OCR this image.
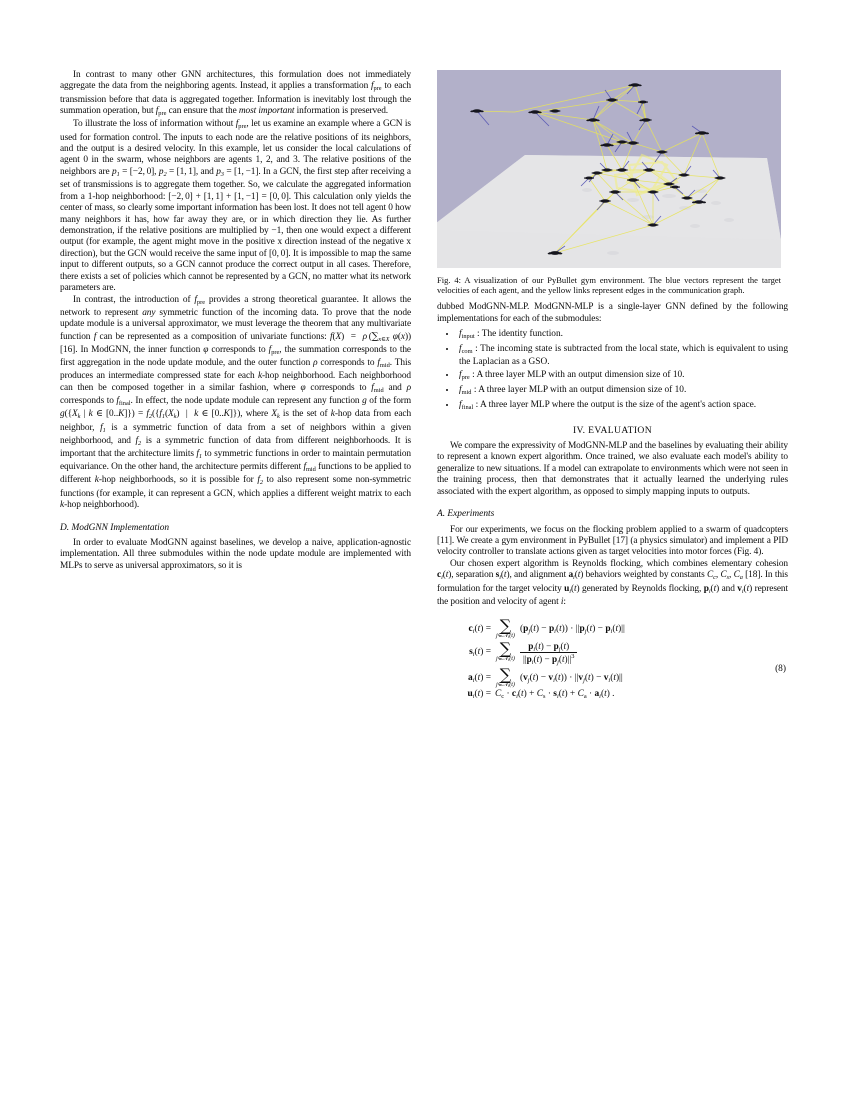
In contrast to many other GNN architectures, this formulation does not immediately aggregate the data from the neighboring agents. Instead, it applies a transformation $f_{pre}$ to each transmission before that data is aggregated together. Information is inevitably lost through the summation operation, but $f_{pre}$ can ensure that the most important information is preserved.

To illustrate the loss of information without $f_{pre}$, let us examine an example where a GCN is used for formation control. The inputs to each node are the relative positions of its neighbors, and the output is a desired velocity. In this example, let us consider the local calculations of agent 0 in the swarm, whose neighbors are agents 1, 2, and 3. The relative positions of the neighbors are $p_1 = [-2$, 0], $p_2 = [1$, 1], and $p_3 = [1$, −1]. In a GCN, the first step after receiving a set of transmissions is to aggregate them together. So, we calculate the aggregated information from a 1-hop neighborhood: [−2, 0] + [1, 1] + [1, −1] = [0, 0]. This calculation only yields the center of mass, so clearly some important information has been lost. It does not tell agent 0 how many neighbors it has, how far away they are, or in which direction they lie. As further demonstration, if the relative positions are multiplied by −1, then one would expect a different output (for example, the agent might move in the positive x direction instead of the negative x direction), but the GCN would receive the same input of [0, 0]. It is impossible to map the same input to different outputs, so a GCN cannot produce the correct output in all cases. Therefore, there exists a set of policies which cannot be represented by a GCN, no matter what its network parameters are.

In contrast, the introduction of $f_{pre}$ provides a strong theoretical guarantee. It allows the network to represent any symmetric function of the incoming data. To prove that the node update module is a universal approximator, we must leverage the theorem that any multivariate function f can be represented as a composition of univariate functions: f(X)  =  ρ ($\sum_{x\in X}$ φ(x)) [16]. In ModGNN, the inner function φ corresponds to $f_{pre}$, the summation corresponds to the first aggregation in the node update module, and the outer function ρ corresponds to $f_{mid}$. This produces an intermediate compressed state for each k-hop neighborhood. Each neighborhood can then be composed together in a similar fashion, where φ corresponds to $f_{mid}$ and ρ corresponds to $f_{final}$. In effect, the node update module can represent any function g of the form $g(\{X_k$ | k ∈ $[0..K]\}) = f_2(\{f_1(X_k)$  |  k ∈ [0..K]}), where $X_k$ is the set of k-hop data from each neighbor, $f_1$ is a symmetric function of data from a set of neighbors within a given neighborhood, and $f_2$ is a symmetric function of data from different neighborhoods. It is important that the architecture limits $f_1$ to symmetric functions in order to maintain permutation equivariance. On the other hand, the architecture permits different $f_{mid}$ functions to be applied to different k-hop neighborhoods, so it is possible for $f_2$ to also represent some non-symmetric functions (for example, it can represent a GCN, which applies a different weight matrix to each k-hop neighborhood).

D. ModGNN Implementation

In order to evaluate ModGNN against baselines, we develop a naive, application-agnostic implementation. All three submodules within the node update module are implemented with MLPs to serve as universal approximators, so it is

Fig. 4: A visualization of our PyBullet gym environment. The blue vectors represent the target velocities of each agent, and the yellow links represent edges in the communication graph.

dubbed ModGNN-MLP. ModGNN-MLP is a single-layer GNN defined by the following implementations for each of the submodules:

• $f_{input}$ : The identity function.
• $f_{com}$ : The incoming state is subtracted from the local state, which is equivalent to using the Laplacian as a GSO.
• $f_{pre}$ : A three layer MLP with an output dimension size of 10.
• $f_{mid}$ : A three layer MLP with an output dimension size of 10.
• $f_{final}$ : A three layer MLP where the output is the size of the agent's action space.
IV. EVALUATION

We compare the expressivity of ModGNN-MLP and the baselines by evaluating their ability to represent a known expert algorithm. Once trained, we also evaluate each model's ability to generalize to new situations. If a model can extrapolate to environments which were not seen in the training process, then that demonstrates that it actually learned the underlying rules associated with the expert algorithm, as opposed to simply mapping inputs to outputs.

A. Experiments

For our experiments, we focus on the flocking problem applied to a swarm of quadcopters [11]. We create a gym environment in PyBullet [17] (a physics simulator) and implement a PID velocity controller to translate actions given as target velocities into motor forces (Fig. 4).

Our chosen expert algorithm is Reynolds flocking, which combines elementary cohesion $c_i(t)$, separation $s_i(t)$, and alignment $a_i(t)$ behaviors weighted by constants $C_c$, $C_s$, $C_a$ [18]. In this formulation for the target velocity $u_i(t)$ generated by Reynolds flocking, $p_i(t)$ and $v_i(t)$ represent the position and velocity of agent i:

(8)
$c_i(t)$ = ∑
j∈𝒩$_i$(t)
$(p_j(t) - p_i(t)) \cdot ||p_j(t) - p_i(t)||$
$s_i(t)$ = ∑
j∈𝒩$_i$(t) $\frac{p_i(t) - p_j(t)}{||p_i(t) - p_j(t)||^3}$
$a_i(t)$ = ∑
j∈𝒩$_i$(t)
$(v_j(t) - v_i(t)) \cdot ||v_j(t) - v_i(t)||$
$u_i(t) = C_c \cdot c_i(t) + C_s \cdot s_i(t) + C_a \cdot a_i(t)$ .
